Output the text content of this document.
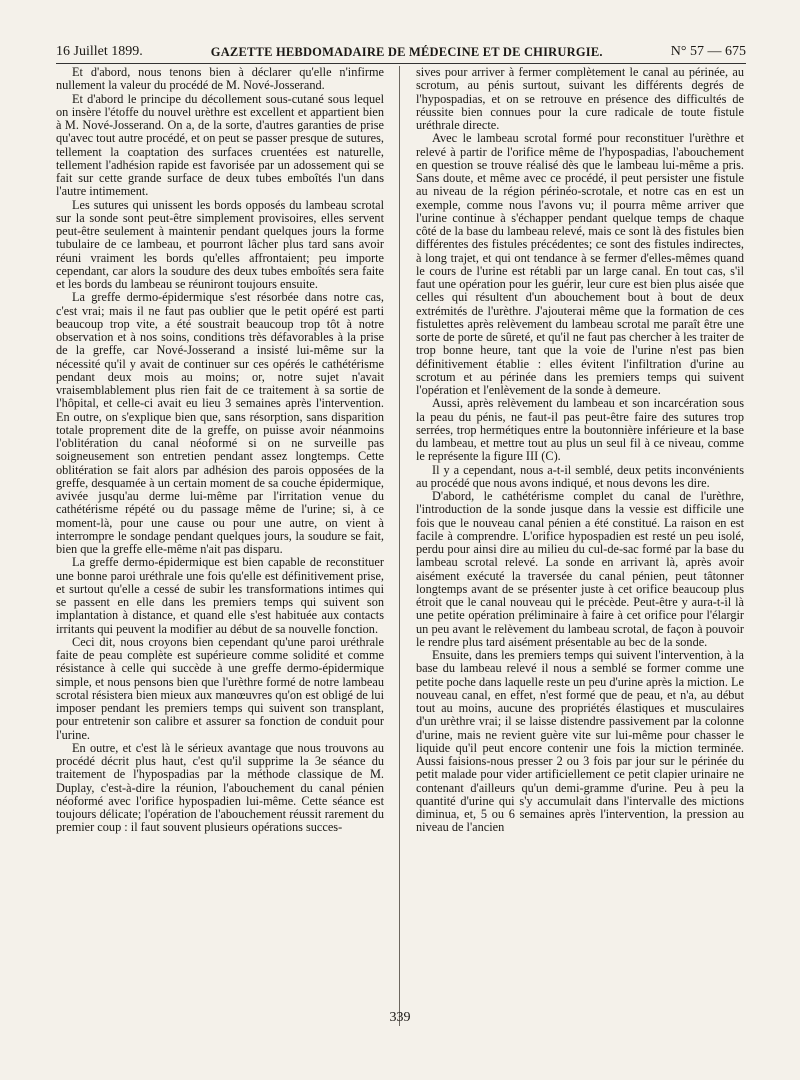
16 Juillet 1899.	GAZETTE HEBDOMADAIRE DE MÉDECINE ET DE CHIRURGIE.	N° 57 — 675

Et d'abord, nous tenons bien à déclarer qu'elle n'infirme nullement la valeur du procédé de M. Nové-Josserand.

Et d'abord le principe du décollement sous-cutané sous lequel on insère l'étoffe du nouvel urèthre est excellent et appartient bien à M. Nové-Josserand. On a, de la sorte, d'autres garanties de prise qu'avec tout autre procédé, et on peut se passer presque de sutures, tellement la coaptation des surfaces cruentées est naturelle, tellement l'adhésion rapide est favorisée par un adossement qui se fait sur cette grande surface de deux tubes emboîtés l'un dans l'autre intimement.

Les sutures qui unissent les bords opposés du lambeau scrotal sur la sonde sont peut-être simplement provisoires, elles servent peut-être seulement à maintenir pendant quelques jours la forme tubulaire de ce lambeau, et pourront lâcher plus tard sans avoir réuni vraiment les bords qu'elles affrontaient; peu importe cependant, car alors la soudure des deux tubes emboîtés sera faite et les bords du lambeau se réuniront toujours ensuite.

La greffe dermo-épidermique s'est résorbée dans notre cas, c'est vrai; mais il ne faut pas oublier que le petit opéré est parti beaucoup trop vite, a été soustrait beaucoup trop tôt à notre observation et à nos soins, conditions très défavorables à la prise de la greffe, car Nové-Josserand a insisté lui-même sur la nécessité qu'il y avait de continuer sur ces opérés le cathétérisme pendant deux mois au moins; or, notre sujet n'avait vraisemblablement plus rien fait de ce traitement à sa sortie de l'hôpital, et celle-ci avait eu lieu 3 semaines après l'intervention. En outre, on s'explique bien que, sans résorption, sans disparition totale proprement dite de la greffe, on puisse avoir néanmoins l'oblitération du canal néoformé si on ne surveille pas soigneusement son entretien pendant assez longtemps. Cette oblitération se fait alors par adhésion des parois opposées de la greffe, desquamée à un certain moment de sa couche épidermique, avivée jusqu'au derme lui-même par l'irritation venue du cathétérisme répété ou du passage même de l'urine; si, à ce moment-là, pour une cause ou pour une autre, on vient à interrompre le sondage pendant quelques jours, la soudure se fait, bien que la greffe elle-même n'ait pas disparu.

La greffe dermo-épidermique est bien capable de reconstituer une bonne paroi uréthrale une fois qu'elle est définitivement prise, et surtout qu'elle a cessé de subir les transformations intimes qui se passent en elle dans les premiers temps qui suivent son implantation à distance, et quand elle s'est habituée aux contacts irritants qui peuvent la modifier au début de sa nouvelle fonction.

Ceci dit, nous croyons bien cependant qu'une paroi uréthrale faite de peau complète est supérieure comme solidité et comme résistance à celle qui succède à une greffe dermo-épidermique simple, et nous pensons bien que l'urèthre formé de notre lambeau scrotal résistera bien mieux aux manœuvres qu'on est obligé de lui imposer pendant les premiers temps qui suivent son transplant, pour entretenir son calibre et assurer sa fonction de conduit pour l'urine.

En outre, et c'est là le sérieux avantage que nous trouvons au procédé décrit plus haut, c'est qu'il supprime la 3e séance du traitement de l'hypospadias par la méthode classique de M. Duplay, c'est-à-dire la réunion, l'abouchement du canal pénien néoformé avec l'orifice hypospadien lui-même. Cette séance est toujours délicate; l'opération de l'abouchement réussit rarement du premier coup : il faut souvent plusieurs opérations succes-

sives pour arriver à fermer complètement le canal au périnée, au scrotum, au pénis surtout, suivant les différents degrés de l'hypospadias, et on se retrouve en présence des difficultés de réussite bien connues pour la cure radicale de toute fistule uréthrale directe.

Avec le lambeau scrotal formé pour reconstituer l'urèthre et relevé à partir de l'orifice même de l'hypospadias, l'abouchement en question se trouve réalisé dès que le lambeau lui-même a pris. Sans doute, et même avec ce procédé, il peut persister une fistule au niveau de la région périnéo-scrotale, et notre cas en est un exemple, comme nous l'avons vu; il pourra même arriver que l'urine continue à s'échapper pendant quelque temps de chaque côté de la base du lambeau relevé, mais ce sont là des fistules bien différentes des fistules précédentes; ce sont des fistules indirectes, à long trajet, et qui ont tendance à se fermer d'elles-mêmes quand le cours de l'urine est rétabli par un large canal. En tout cas, s'il faut une opération pour les guérir, leur cure est bien plus aisée que celles qui résultent d'un abouchement bout à bout de deux extrémités de l'urèthre. J'ajouterai même que la formation de ces fistulettes après relèvement du lambeau scrotal me paraît être une sorte de porte de sûreté, et qu'il ne faut pas chercher à les traiter de trop bonne heure, tant que la voie de l'urine n'est pas bien définitivement établie : elles évitent l'infiltration d'urine au scrotum et au périnée dans les premiers temps qui suivent l'opération et l'enlèvement de la sonde à demeure.

Aussi, après relèvement du lambeau et son incarcération sous la peau du pénis, ne faut-il pas peut-être faire des sutures trop serrées, trop hermétiques entre la boutonnière inférieure et la base du lambeau, et mettre tout au plus un seul fil à ce niveau, comme le représente la figure III (C).

Il y a cependant, nous a-t-il semblé, deux petits inconvénients au procédé que nous avons indiqué, et nous devons les dire.

D'abord, le cathétérisme complet du canal de l'urèthre, l'introduction de la sonde jusque dans la vessie est difficile une fois que le nouveau canal pénien a été constitué. La raison en est facile à comprendre. L'orifice hypospadien est resté un peu isolé, perdu pour ainsi dire au milieu du cul-de-sac formé par la base du lambeau scrotal relevé. La sonde en arrivant là, après avoir aisément exécuté la traversée du canal pénien, peut tâtonner longtemps avant de se présenter juste à cet orifice beaucoup plus étroit que le canal nouveau qui le précède. Peut-être y aura-t-il là une petite opération préliminaire à faire à cet orifice pour l'élargir un peu avant le relèvement du lambeau scrotal, de façon à pouvoir le rendre plus tard aisément présentable au bec de la sonde.

Ensuite, dans les premiers temps qui suivent l'intervention, à la base du lambeau relevé il nous a semblé se former comme une petite poche dans laquelle reste un peu d'urine après la miction. Le nouveau canal, en effet, n'est formé que de peau, et n'a, au début tout au moins, aucune des propriétés élastiques et musculaires d'un urèthre vrai; il se laisse distendre passivement par la colonne d'urine, mais ne revient guère vite sur lui-même pour chasser le liquide qu'il peut encore contenir une fois la miction terminée. Aussi faisions-nous presser 2 ou 3 fois par jour sur le périnée du petit malade pour vider artificiellement ce petit clapier urinaire ne contenant d'ailleurs qu'un demi-gramme d'urine. Peu à peu la quantité d'urine qui s'y accumulait dans l'intervalle des mictions diminua, et, 5 ou 6 semaines après l'intervention, la pression au niveau de l'ancien

339
